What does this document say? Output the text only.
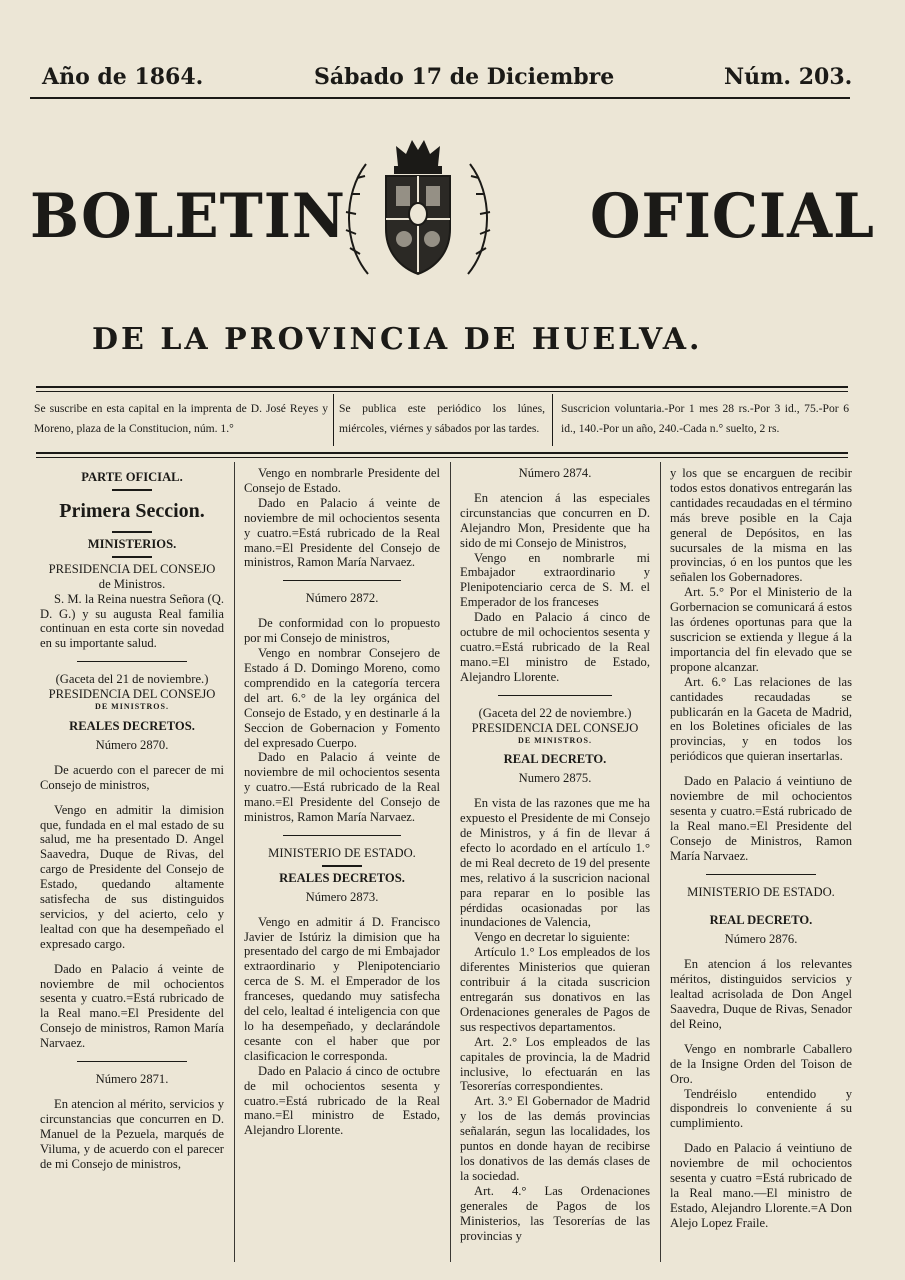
Año de 1864.	Sábado 17 de Diciembre	Núm. 203.
BOLETIN	OFICIAL
DE LA PROVINCIA DE HUELVA.
Se suscribe en esta capital en la imprenta de D. José Reyes y Moreno, plaza de la Constitucion, núm. 1.°
Se publica este periódico los lúnes, miércoles, viérnes y sábados por las tardes.
Suscricion voluntaria.-Por 1 mes 28 rs.-Por 3 id., 75.-Por 6 id., 140.-Por un año, 240.-Cada n.° suelto, 2 rs.

PARTE OFICIAL.

Primera Seccion.

MINISTERIOS.

PRESIDENCIA DEL CONSEJO

de Ministros.

S. M. la Reina nuestra Señora (Q. D. G.) y su augusta Real familia continuan en esta corte sin novedad en su importante salud.

(Gaceta del 21 de noviembre.)

PRESIDENCIA DEL CONSEJO

DE MINISTROS.

REALES DECRETOS.

Número 2870.

De acuerdo con el parecer de mi Consejo de ministros,

Vengo en admitir la dimision que, fundada en el mal estado de su salud, me ha presentado D. Angel Saavedra, Duque de Rivas, del cargo de Presidente del Consejo de Estado, quedando altamente satisfecha de sus distinguidos servicios, y del acierto, celo y lealtad con que ha desempeñado el expresado cargo.

Dado en Palacio á veinte de noviembre de mil ochocientos sesenta y cuatro.=Está rubricado de la Real mano.=El Presidente del Consejo de ministros, Ramon María Narvaez.

Número 2871.

En atencion al mérito, servicios y circunstancias que concurren en D. Manuel de la Pezuela, marqués de Viluma, y de acuerdo con el parecer de mi Consejo de ministros,

Vengo en nombrarle Presidente del Consejo de Estado.

Dado en Palacio á veinte de noviembre de mil ochocientos sesenta y cuatro.=Está rubricado de la Real mano.=El Presidente del Consejo de ministros, Ramon María Narvaez.

Número 2872.

De conformidad con lo propuesto por mi Consejo de ministros,

Vengo en nombrar Consejero de Estado á D. Domingo Moreno, como comprendido en la categoría tercera del art. 6.° de la ley orgánica del Consejo de Estado, y en destinarle á la Seccion de Gobernacion y Fomento del expresado Cuerpo.

Dado en Palacio á veinte de noviembre de mil ochocientos sesenta y cuatro.—Está rubricado de la Real mano.=El Presidente del Consejo de ministros, Ramon María Narvaez.

MINISTERIO DE ESTADO.

REALES DECRETOS.

Número 2873.

Vengo en admitir á D. Francisco Javier de Istúriz la dimision que ha presentado del cargo de mi Embajador extraordinario y Plenipotenciario cerca de S. M. el Emperador de los franceses, quedando muy satisfecha del celo, lealtad é inteligencia con que lo ha desempeñado, y declarándole cesante con el haber que por clasificacion le corresponda.

Dado en Palacio á cinco de octubre de mil ochocientos sesenta y cuatro.=Está rubricado de la Real mano.=El ministro de Estado, Alejandro Llorente.

Número 2874.

En atencion á las especiales circunstancias que concurren en D. Alejandro Mon, Presidente que ha sido de mi Consejo de Ministros,

Vengo en nombrarle mi Embajador extraordinario y Plenipotenciario cerca de S. M. el Emperador de los franceses

Dado en Palacio á cinco de octubre de mil ochocientos sesenta y cuatro.=Está rubricado de la Real mano.=El ministro de Estado, Alejandro Llorente.

(Gaceta del 22 de noviembre.)

PRESIDENCIA DEL CONSEJO

DE MINISTROS.

REAL DECRETO.

Numero 2875.

En vista de las razones que me ha expuesto el Presidente de mi Consejo de Ministros, y á fin de llevar á efecto lo acordado en el artículo 1.° de mi Real decreto de 19 del presente mes, relativo á la suscricion nacional para reparar en lo posible las pérdidas ocasionadas por las inundaciones de Valencia,

Vengo en decretar lo siguiente:

Artículo 1.° Los empleados de los diferentes Ministerios que quieran contribuir á la citada suscricion entregarán sus donativos en las Ordenaciones generales de Pagos de sus respectivos departamentos.

Art. 2.° Los empleados de las capitales de provincia, la de Madrid inclusive, lo efectuarán en las Tesorerías correspondientes.

Art. 3.° El Gobernador de Madrid y los de las demás provincias señalarán, segun las localidades, los puntos en donde hayan de recibirse los donativos de las demás clases de la sociedad.

Art. 4.° Las Ordenaciones generales de Pagos de los Ministerios, las Tesorerías de las provincias y

y los que se encarguen de recibir todos estos donativos entregarán las cantidades recaudadas en el término más breve posible en la Caja general de Depósitos, en las sucursales de la misma en las provincias, ó en los puntos que les señalen los Gobernadores.

Art. 5.° Por el Ministerio de la Gorbernacion se comunicará á estos las órdenes oportunas para que la suscricion se extienda y llegue á la importancia del fin elevado que se propone alcanzar.

Art. 6.° Las relaciones de las cantidades recaudadas se publicarán en la Gaceta de Madrid, en los Boletines oficiales de las provincias, y en todos los periódicos que quieran insertarlas.

Dado en Palacio á veintiuno de noviembre de mil ochocientos sesenta y cuatro.=Está rubricado de la Real mano.=El Presidente del Consejo de Ministros, Ramon María Narvaez.

MINISTERIO DE ESTADO.

REAL DECRETO.

Número 2876.

En atencion á los relevantes méritos, distinguidos servicios y lealtad acrisolada de Don Angel Saavedra, Duque de Rivas, Senador del Reino,

Vengo en nombrarle Caballero de la Insigne Orden del Toison de Oro.

Tendréislo entendido y dispondreis lo conveniente á su cumplimiento.

Dado en Palacio á veintiuno de noviembre de mil ochocientos sesenta y cuatro =Está rubricado de la Real mano.—El ministro de Estado, Alejandro Llorente.=A Don Alejo Lopez Fraile.
